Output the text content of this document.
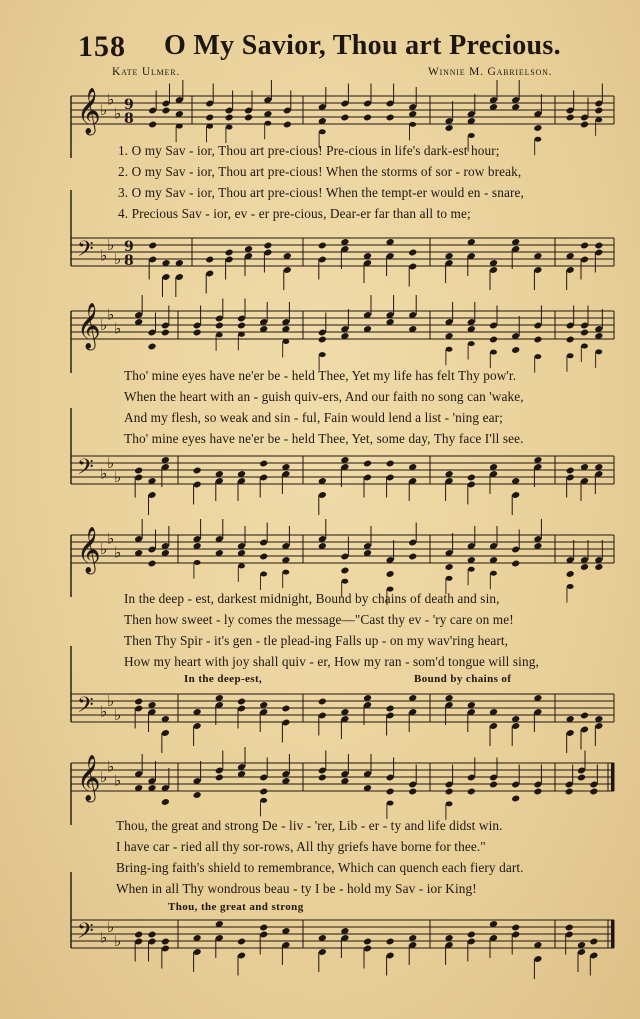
158 O My Savior, Thou art Precious.
Kate Ulmer.	Winnie M. Gabrielson.
𝄞 ♭
♭
♭ 9
8
1. O my Sav - ior, Thou art pre-cious! Pre-cious in life's dark-est hour;
2. O my Sav - ior, Thou art pre-cious! When the storms of sor - row break,
3. O my Sav - ior, Thou art pre-cious! When the tempt-er would en - snare,
4. Precious Sav - ior, ev - er pre-cious, Dear-er far than all to me;
𝄢 ♭
♭
♭
9
8
𝄞 ♭
♭
♭
Tho' mine eyes have ne'er be - held Thee, Yet my life has felt Thy pow'r.
When the heart with an - guish quiv-ers, And our faith no song can 'wake,
And my flesh, so weak and sin - ful, Fain would lend a list - 'ning ear;
Tho' mine eyes have ne'er be - held Thee, Yet, some day, Thy face I'll see.
𝄢 ♭
♭
♭
𝄞 ♭
♭
♭
In the deep - est, darkest midnight, Bound by chains of death and sin,
Then how sweet - ly comes the message—"Cast thy ev - 'ry care on me!
Then Thy Spir - it's gen - tle plead-ing Falls up - on my wav'ring heart,
How my heart with joy shall quiv - er, How my ran - som'd tongue will sing,
In the deep-est,	Bound by chains of
𝄢 ♭
♭
♭
𝄞 ♭
♭
♭
Thou, the great and strong De - liv - 'rer, Lib - er - ty and life didst win.
I have car - ried all thy sor-rows, All thy griefs have borne for thee."
Bring-ing faith's shield to remembrance, Which can quench each fiery dart.
When in all Thy wondrous beau - ty I be - hold my Sav - ior King!
Thou, the great and strong
𝄢 ♭
♭
♭
